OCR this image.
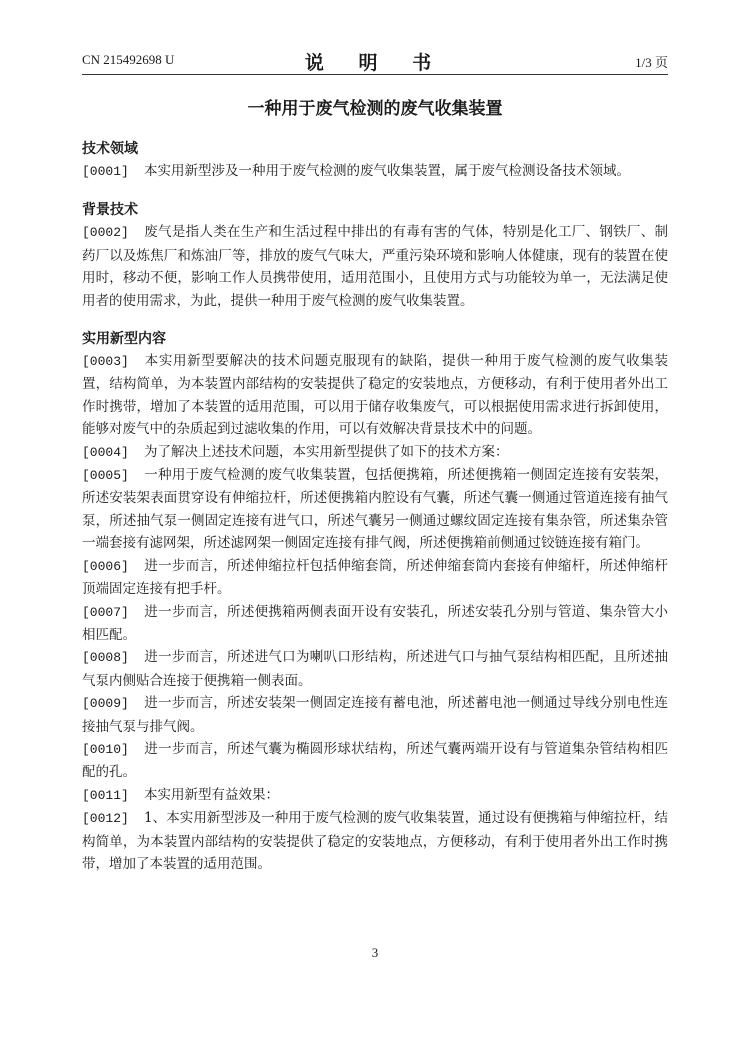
CN 215492698 U	说 明 书	1/3 页
一种用于废气检测的废气收集装置
技术领域

[0001] 本实用新型涉及一种用于废气检测的废气收集装置，属于废气检测设备技术领域。

背景技术

[0002] 废气是指人类在生产和生活过程中排出的有毒有害的气体，特别是化工厂、钢铁厂、制药厂以及炼焦厂和炼油厂等，排放的废气气味大，严重污染环境和影响人体健康，现有的装置在使用时，移动不便，影响工作人员携带使用，适用范围小，且使用方式与功能较为单一，无法满足使用者的使用需求，为此，提供一种用于废气检测的废气收集装置。

实用新型内容

[0003] 本实用新型要解决的技术问题克服现有的缺陷，提供一种用于废气检测的废气收集装置，结构简单，为本装置内部结构的安装提供了稳定的安装地点，方便移动，有利于使用者外出工作时携带，增加了本装置的适用范围，可以用于储存收集废气，可以根据使用需求进行拆卸使用，能够对废气中的杂质起到过滤收集的作用，可以有效解决背景技术中的问题。

[0004] 为了解决上述技术问题，本实用新型提供了如下的技术方案：

[0005] 一种用于废气检测的废气收集装置，包括便携箱，所述便携箱一侧固定连接有安装架，所述安装架表面贯穿设有伸缩拉杆，所述便携箱内腔设有气囊，所述气囊一侧通过管道连接有抽气泵，所述抽气泵一侧固定连接有进气口，所述气囊另一侧通过螺纹固定连接有集杂管，所述集杂管一端套接有滤网架，所述滤网架一侧固定连接有排气阀，所述便携箱前侧通过铰链连接有箱门。

[0006] 进一步而言，所述伸缩拉杆包括伸缩套筒，所述伸缩套筒内套接有伸缩杆，所述伸缩杆顶端固定连接有把手杆。

[0007] 进一步而言，所述便携箱两侧表面开设有安装孔，所述安装孔分别与管道、集杂管大小相匹配。

[0008] 进一步而言，所述进气口为喇叭口形结构，所述进气口与抽气泵结构相匹配，且所述抽气泵内侧贴合连接于便携箱一侧表面。

[0009] 进一步而言，所述安装架一侧固定连接有蓄电池，所述蓄电池一侧通过导线分别电性连接抽气泵与排气阀。

[0010] 进一步而言，所述气囊为椭圆形球状结构，所述气囊两端开设有与管道集杂管结构相匹配的孔。

[0011] 本实用新型有益效果：

[0012] 1、本实用新型涉及一种用于废气检测的废气收集装置，通过设有便携箱与伸缩拉杆，结构简单，为本装置内部结构的安装提供了稳定的安装地点，方便移动，有利于使用者外出工作时携带，增加了本装置的适用范围。

3
